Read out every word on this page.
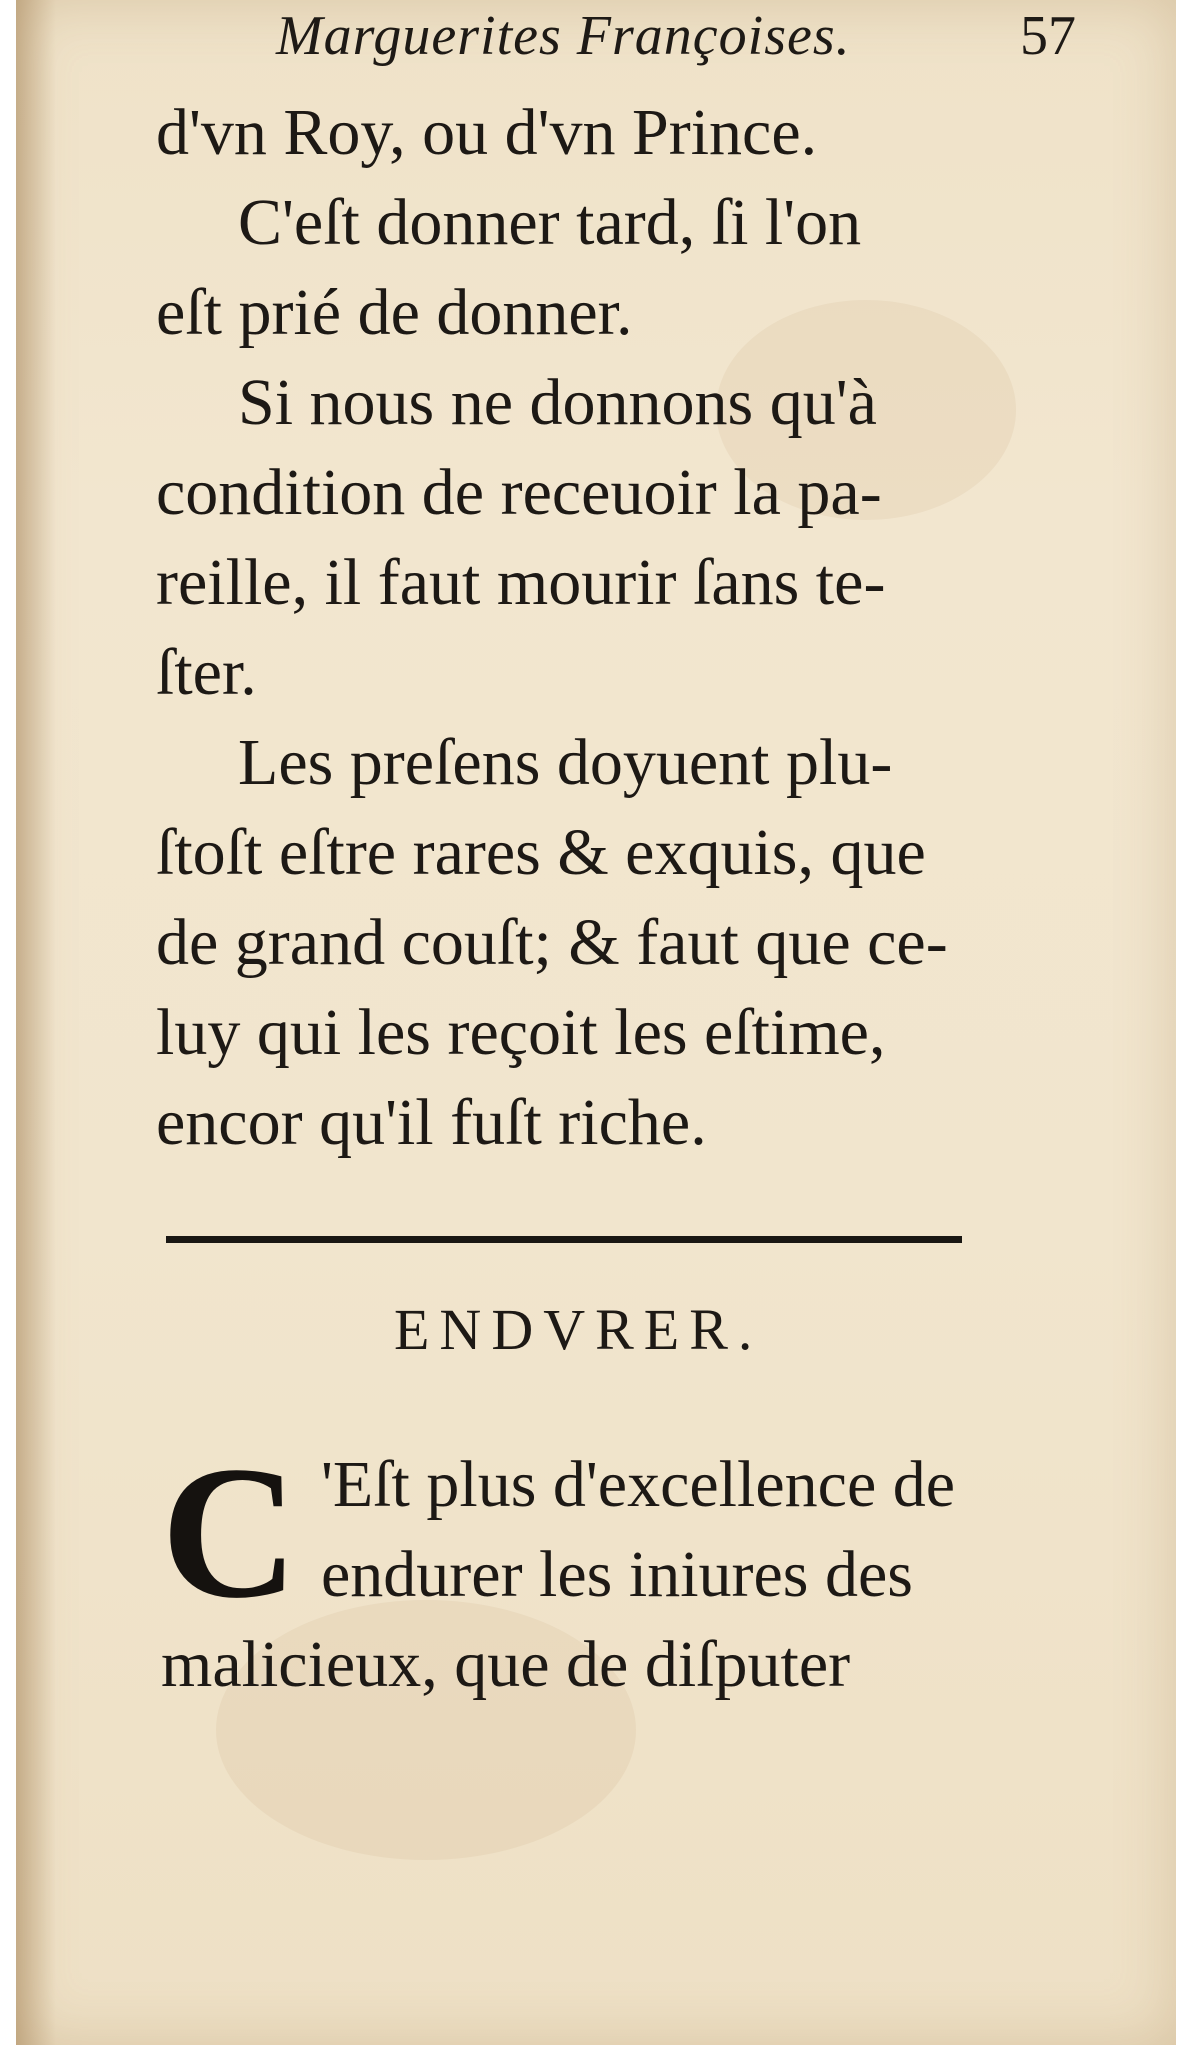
Marguerites Françoises.	57
d'vn Roy, ou d'vn Prince.
C'eſt donner tard, ſi l'on
eſt prié de donner.
Si nous ne donnons qu'à
condition de receuoir la pa-
reille, il faut mourir ſans te-
ſter.
Les preſens doyuent plu-
ſtoſt eſtre rares & exquis, que
de grand couſt; & faut que ce-
luy qui les reçoit les eſtime,
encor qu'il fuſt riche.
ENDVRER.
C 'Eſt plus d'excellence de
endurer les iniures des
malicieux, que de diſputer
